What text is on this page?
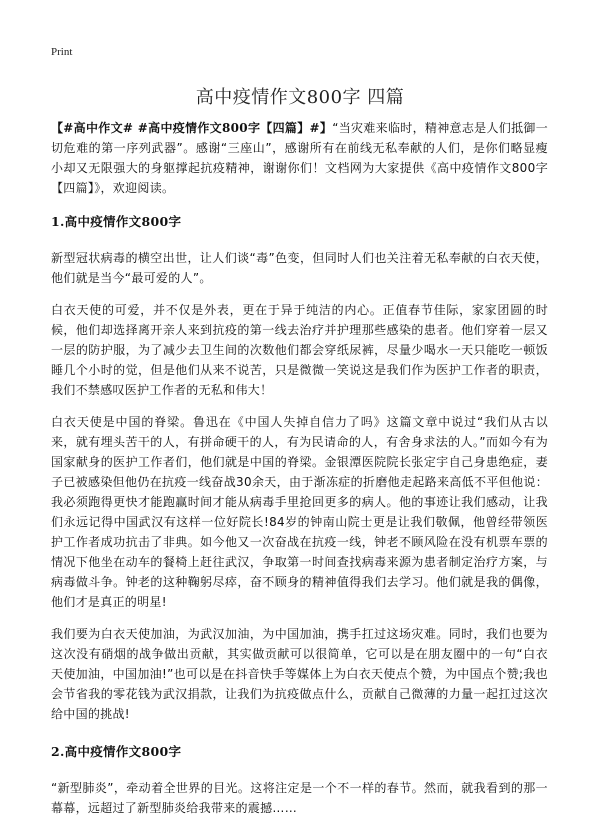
Print
高中疫情作文800字 四篇

【#高中作文# #高中疫情作文800字【四篇】#】“当灾难来临时，精神意志是人们抵御一切危难的第一序列武器”。感谢“三座山”，感谢所有在前线无私奉献的人们，是你们略显瘦小却又无限强大的身躯撑起抗疫精神，谢谢你们！文档网为大家提供《高中疫情作文800字【四篇】》，欢迎阅读。

1.高中疫情作文800字

新型冠状病毒的横空出世，让人们谈“毒”色变，但同时人们也关注着无私奉献的白衣天使，他们就是当今“最可爱的人”。

白衣天使的可爱，并不仅是外表，更在于异于纯洁的内心。正值春节佳际，家家团圆的时候，他们却选择离开亲人来到抗疫的第一线去治疗并护理那些感染的患者。他们穿着一层又一层的防护服，为了减少去卫生间的次数他们都会穿纸尿裤，尽量少喝水一天只能吃一顿饭睡几个小时的觉，但是他们从来不说苦，只是微微一笑说这是我们作为医护工作者的职责，我们不禁感叹医护工作者的无私和伟大！

白衣天使是中国的脊梁。鲁迅在《中国人失掉自信力了吗》这篇文章中说过“我们从古以来，就有埋头苦干的人，有拼命硬干的人，有为民请命的人，有舍身求法的人。”而如今有为国家献身的医护工作者们，他们就是中国的脊梁。金银潭医院院长张定宇自己身患绝症，妻子已被感染但他仍在抗疫一线奋战30余天，由于渐冻症的折磨他走起路来高低不平但他说：我必须跑得更快才能跑赢时间才能从病毒手里抢回更多的病人。他的事迹让我们感动，让我们永远记得中国武汉有这样一位好院长!84岁的钟南山院士更是让我们敬佩，他曾经带领医护工作者成功抗击了非典。如今他又一次奋战在抗疫一线，钟老不顾风险在没有机票车票的情况下他坐在动车的餐椅上赶往武汉，争取第一时间查找病毒来源为患者制定治疗方案，与病毒做斗争。钟老的这种鞠躬尽瘁，奋不顾身的精神值得我们去学习。他们就是我的偶像，他们才是真正的明星!

我们要为白衣天使加油，为武汉加油，为中国加油，携手扛过这场灾难。同时，我们也要为这次没有硝烟的战争做出贡献，其实做贡献可以很简单，它可以是在朋友圈中的一句“白衣天使加油，中国加油!”也可以是在抖音快手等媒体上为白衣天使点个赞，为中国点个赞;我也会节省我的零花钱为武汉捐款，让我们为抗疫做点什么，贡献自己微薄的力量一起扛过这次给中国的挑战!

2.高中疫情作文800字

“新型肺炎”，牵动着全世界的目光。这将注定是一个不一样的春节。然而，就我看到的那一幕幕，远超过了新型肺炎给我带来的震撼……
